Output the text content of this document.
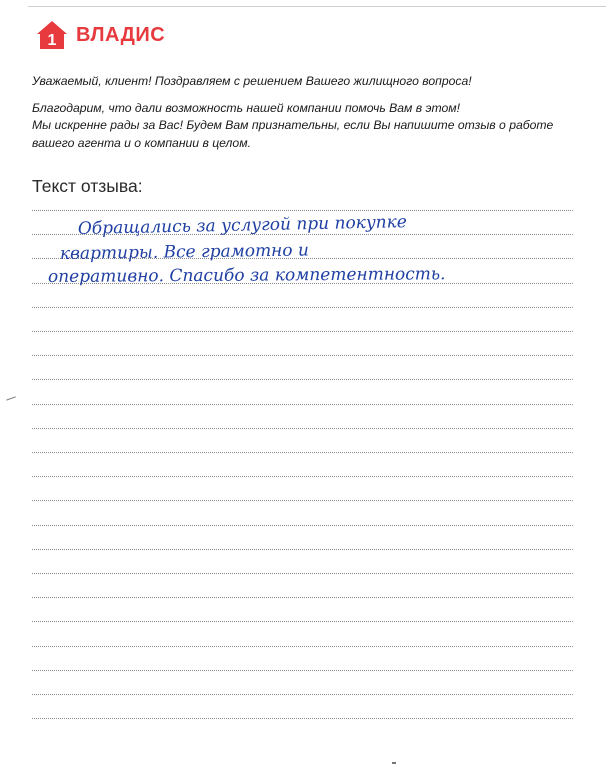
1 ВЛАДИС

Уважаемый, клиент! Поздравляем с решением Вашего жилищного вопроса!

Благодарим, что дали возможность нашей компании помочь Вам в этом!

Мы искренне рады за Вас! Будем Вам признательны, если Вы напишите отзыв о работе

вашего агента и о компании в целом.

Текст отзыва:
Обращались за услугой при покупке
квартиры. Все грамотно и
оперативно. Спасибо за компетентность.
